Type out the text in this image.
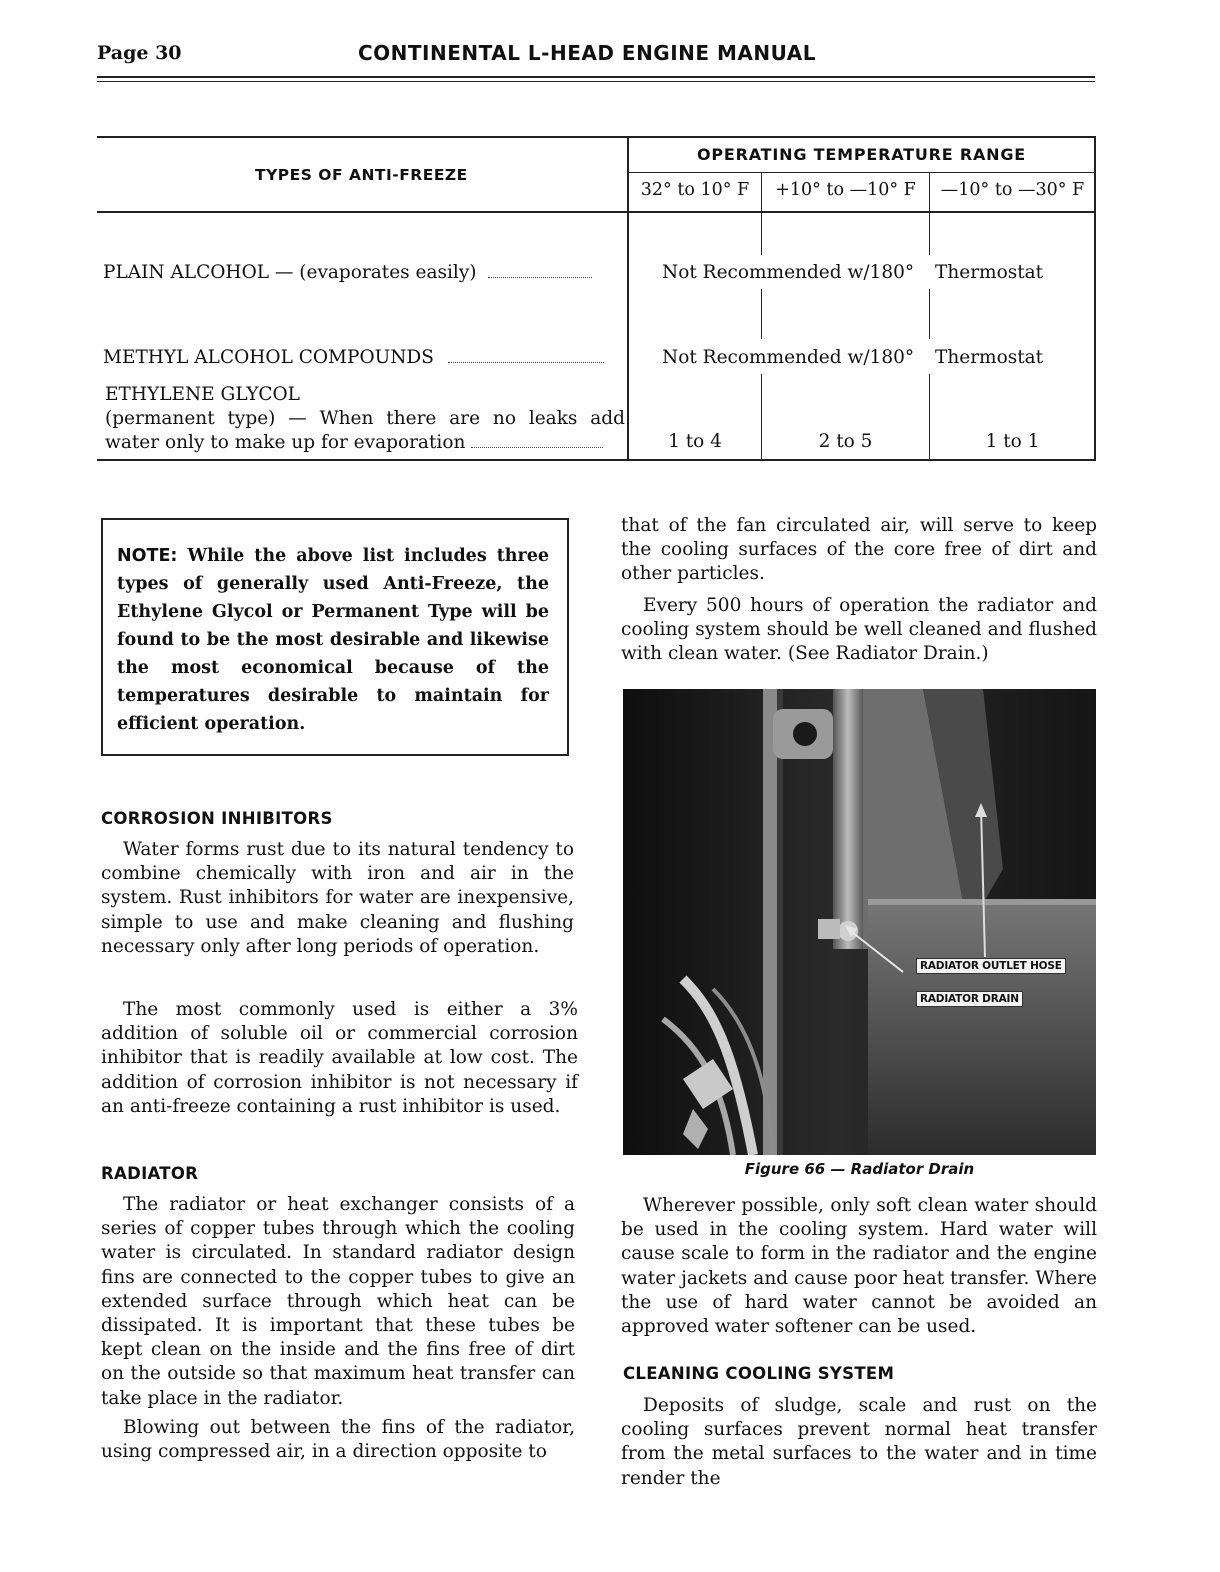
Page 30	CONTINENTAL L-HEAD ENGINE MANUAL
TYPES OF ANTI-FREEZE
OPERATING TEMPERATURE RANGE
32° to 10° F	+10° to —10° F	—10° to —30° F
PLAIN ALCOHOL — (evaporates easily)	Not Recommended w/180° Thermostat
METHYL ALCOHOL COMPOUNDS	Not Recommended w/180° Thermostat
ETHYLENE GLYCOL
(permanent type) — When there are no leaks add
water only to make up for evaporation	1 to 4	2 to 5	1 to 1
NOTE: While the above list includes three types of generally used Anti-Freeze, the Ethylene Glycol or Permanent Type will be found to be the most desirable and likewise the most economical because of the temperatures desirable to maintain for efficient operation.
CORROSION INHIBITORS
Water forms rust due to its natural tendency to combine chemically with iron and air in the system. Rust inhibitors for water are inexpensive, simple to use and make cleaning and flushing necessary only after long periods of operation.
The most commonly used is either a 3% addition of soluble oil or commercial corrosion inhibitor that is readily available at low cost. The addition of corrosion inhibitor is not necessary if an anti-freeze containing a rust inhibitor is used.
RADIATOR
The radiator or heat exchanger consists of a series of copper tubes through which the cooling water is circulated. In standard radiator design fins are connected to the copper tubes to give an extended surface through which heat can be dissipated. It is important that these tubes be kept clean on the inside and the fins free of dirt on the outside so that maximum heat transfer can take place in the radiator.
Blowing out between the fins of the radiator, using compressed air, in a direction opposite to
that of the fan circulated air, will serve to keep the cooling surfaces of the core free of dirt and other particles.
Every 500 hours of operation the radiator and cooling system should be well cleaned and flushed with clean water. (See Radiator Drain.)
RADIATOR OUTLET HOSE
RADIATOR DRAIN
Figure 66 — Radiator Drain
Wherever possible, only soft clean water should be used in the cooling system. Hard water will cause scale to form in the radiator and the engine water jackets and cause poor heat transfer. Where the use of hard water cannot be avoided an approved water softener can be used.
CLEANING COOLING SYSTEM
Deposits of sludge, scale and rust on the cooling surfaces prevent normal heat transfer from the metal surfaces to the water and in time render the
